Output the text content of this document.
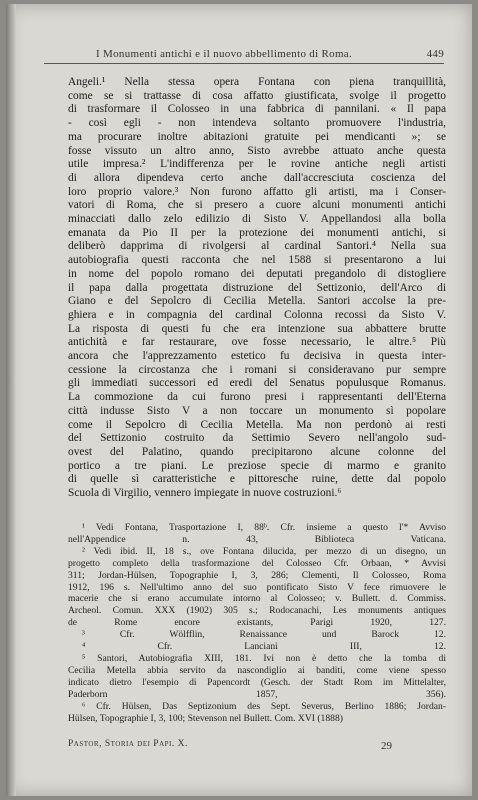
I Monumenti antichi e il nuovo abbellimento di Roma.	449
Angeli.¹ Nella stessa opera Fontana con piena tranquillità,
come se si trattasse di cosa affatto giustificata, svolge il progetto
di trasformare il Colosseo in una fabbrica di pannilani. « Il papa
- così egli - non intendeva soltanto promuovere l'industria,
ma procurare inoltre abitazioni gratuite pei mendicanti »; se
fosse vissuto un altro anno, Sisto avrebbe attuato anche questa
utile impresa.² L'indifferenza per le rovine antiche negli artisti
di allora dipendeva certo anche dall'accresciuta coscienza del
loro proprio valore.³ Non furono affatto gli artisti, ma i Conser-
vatori di Roma, che si presero a cuore alcuni monumenti antichi
minacciati dallo zelo edilizio di Sisto V. Appellandosi alla bolla
emanata da Pio II per la protezione dei monumenti antichi, si
deliberò dapprima di rivolgersi al cardinal Santori.⁴ Nella sua
autobiografia questi racconta che nel 1588 si presentarono a lui
in nome del popolo romano dei deputati pregandolo di distogliere
il papa dalla progettata distruzione del Settizonio, dell'Arco di
Giano e del Sepolcro di Cecilia Metella. Santori accolse la pre-
ghiera e in compagnia del cardinal Colonna recossi da Sisto V.
La risposta di questi fu che era intenzione sua abbattere brutte
antichità e far restaurare, ove fosse necessario, le altre.⁵ Più
ancora che l'apprezzamento estetico fu decisiva in questa inter-
cessione la circostanza che i romani si consideravano pur sempre
gli immediati successori ed eredi del Senatus populusque Romanus.
La commozione da cui furono presi i rappresentanti dell'Eterna
città indusse Sisto V a non toccare un monumento sì popolare
come il Sepolcro di Cecilia Metella. Ma non perdonò ai resti
del Settizonio costruito da Settimio Severo nell'angolo sud-
ovest del Palatino, quando precipitarono alcune colonne del
portico a tre piani. Le preziose specie di marmo e granito
di quelle sì caratteristiche e pittoresche ruine, dette dal popolo
Scuola di Virgilio, vennero impiegate in nuove costruzioni.⁶
¹ Vedi Fontana, Trasportazione I, 88ᵇ. Cfr. insieme a questo l'* Avviso
nell'Appendice n. 43, Biblioteca Vaticana.
² Vedi ibid. II, 18 s., ove Fontana dilucida, per mezzo di un disegno, un
progetto completo della trasformazione del Colosseo Cfr. Orbaan, * Avvisi
311; Jordan-Hülsen, Topographie I, 3, 286; Clementi, Il Colosseo, Roma
1912, 196 s. Nell'ultimo anno del suo pontificato Sisto V fece rimuovere le
macerie che si erano accumulate intorno al Colosseo; v. Bullett. d. Commiss.
Archeol. Comun. XXX (1902) 305 s.; Rodocanachi, Les monuments antiques
de Rome encore existants, Parigi 1920, 127.
³ Cfr. Wölfflin, Renaissance und Barock 12.
⁴ Cfr. Lanciani III, 12.
⁵ Santori, Autobiografia XIII, 181. Ivi non è detto che la tomba di
Cecilia Metella abbia servito da nascondiglio ai banditi, come viene spesso
indicato dietro l'esempio di Papencordt (Gesch. der Stadt Rom im Mittelalter,
Paderborn 1857, 356).
⁶ Cfr. Hülsen, Das Septizonium des Sept. Severus, Berlino 1886; Jordan-
Hülsen, Topographie I, 3, 100; Stevenson nel Bullett. Com. XVI (1888)
Pastor, Storia dei Papi. X.	29
